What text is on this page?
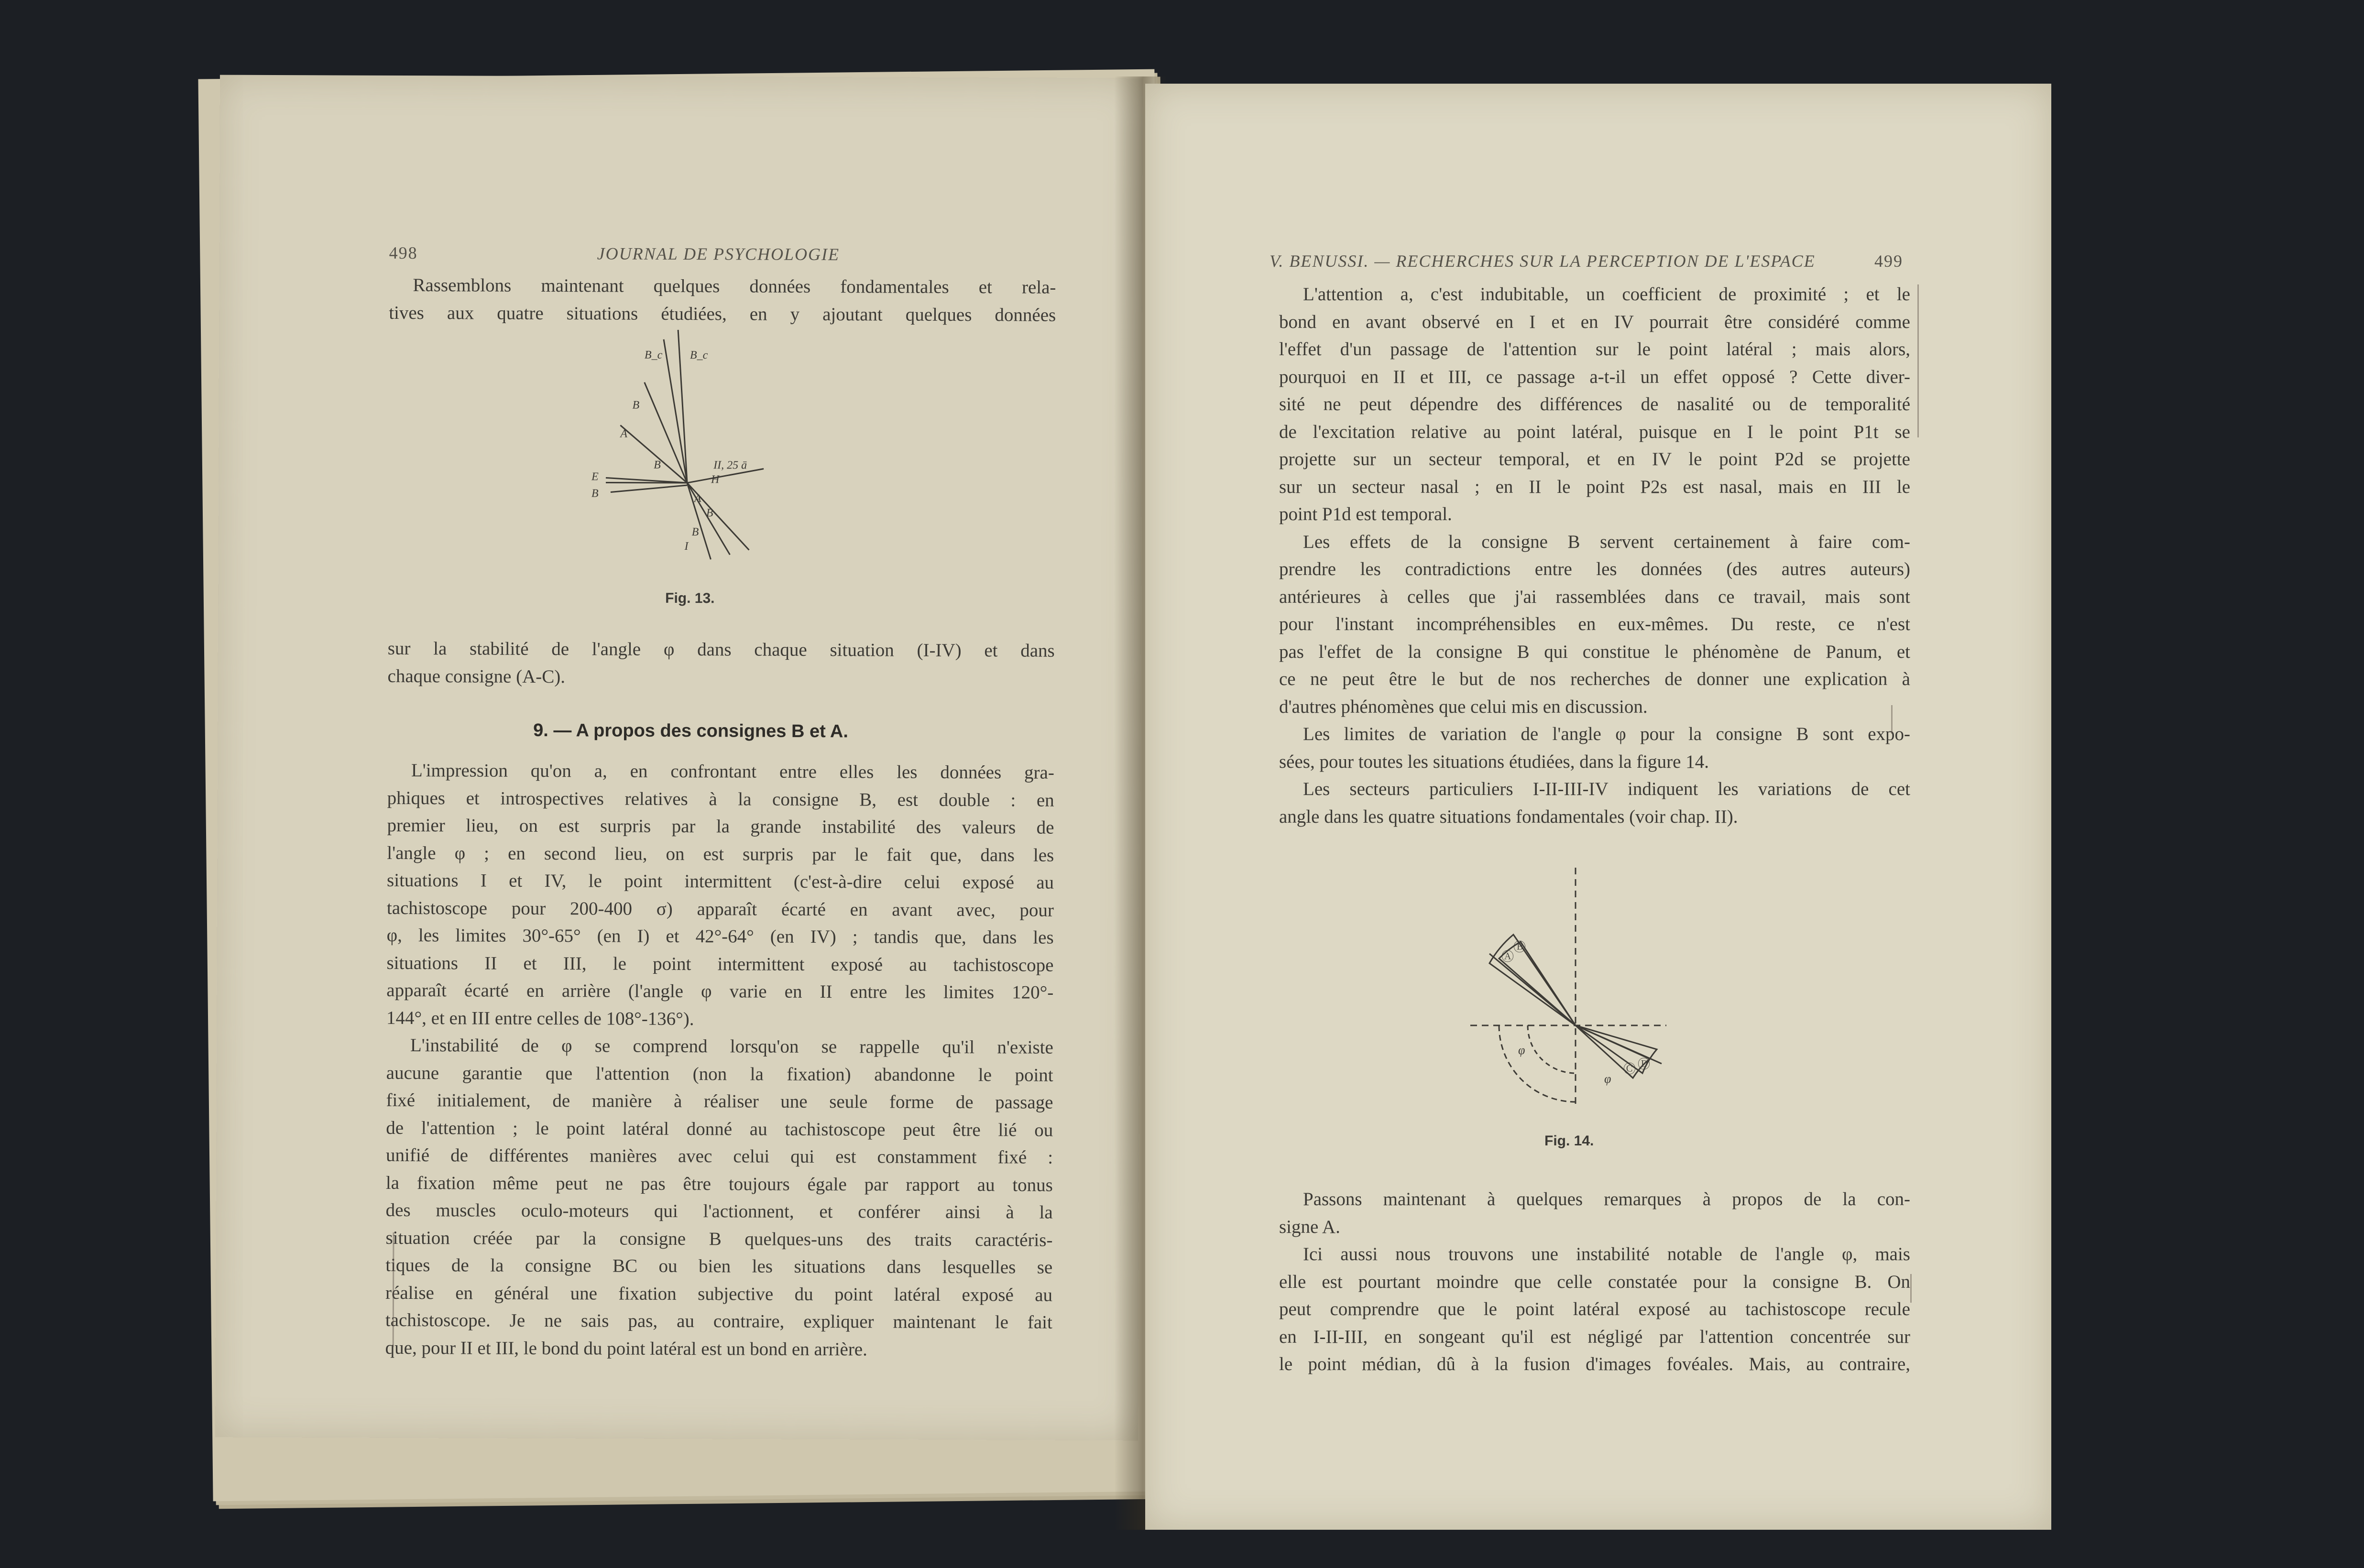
498	JOURNAL DE PSYCHOLOGIE

Rassemblons maintenant quelques données fondamentales et rela-

tives aux quatre situations étudiées, en y ajoutant quelques données

B_c B_c
B
A
E
B
B	II, 25 ā
H
B
A
B
I
Fig. 13.

sur la stabilité de l'angle φ dans chaque situation (I-IV) et dans

chaque consigne (A-C).

9. — A propos des consignes B et A.

L'impression qu'on a, en confrontant entre elles les données gra-

phiques et introspectives relatives à la consigne B, est double : en

premier lieu, on est surpris par la grande instabilité des valeurs de

l'angle φ ; en second lieu, on est surpris par le fait que, dans les

situations I et IV, le point intermittent (c'est-à-dire celui exposé au

tachistoscope pour 200-400 σ) apparaît écarté en avant avec, pour

φ, les limites 30°-65° (en I) et 42°-64° (en IV) ; tandis que, dans les

situations II et III, le point intermittent exposé au tachistoscope

apparaît écarté en arrière (l'angle φ varie en II entre les limites 120°-

144°, et en III entre celles de 108°-136°).

L'instabilité de φ se comprend lorsqu'on se rappelle qu'il n'existe

aucune garantie que l'attention (non la fixation) abandonne le point

fixé initialement, de manière à réaliser une seule forme de passage

de l'attention ; le point latéral donné au tachistoscope peut être lié ou

unifié de différentes manières avec celui qui est constamment fixé :

la fixation même peut ne pas être toujours égale par rapport au tonus

des muscles oculo-moteurs qui l'actionnent, et conférer ainsi à la

situation créée par la consigne B quelques-uns des traits caractéris-

tiques de la consigne BC ou bien les situations dans lesquelles se

réalise en général une fixation subjective du point latéral exposé au

tachistoscope. Je ne sais pas, au contraire, expliquer maintenant le fait

que, pour II et III, le bond du point latéral est un bond en arrière.

V. BENUSSI. — RECHERCHES SUR LA PERCEPTION DE L'ESPACE	499

L'attention a, c'est indubitable, un coefficient de proximité ; et le

bond en avant observé en I et en IV pourrait être considéré comme

l'effet d'un passage de l'attention sur le point latéral ; mais alors,

pourquoi en II et III, ce passage a-t-il un effet opposé ? Cette diver-

sité ne peut dépendre des différences de nasalité ou de temporalité

de l'excitation relative au point latéral, puisque en I le point P1t se

projette sur un secteur temporal, et en IV le point P2d se projette

sur un secteur nasal ; en II le point P2s est nasal, mais en III le

point P1d est temporal.

Les effets de la consigne B servent certainement à faire com-

prendre les contradictions entre les données (des autres auteurs)

antérieures à celles que j'ai rassemblées dans ce travail, mais sont

pour l'instant incompréhensibles en eux-mêmes. Du reste, ce n'est

pas l'effet de la consigne B qui constitue le phénomène de Panum, et

ce ne peut être le but de nos recherches de donner une explication à

d'autres phénomènes que celui mis en discussion.

Les limites de variation de l'angle φ pour la consigne B sont expo-

sées, pour toutes les situations étudiées, dans la figure 14.

Les secteurs particuliers I-II-III-IV indiquent les variations de cet

angle dans les quatre situations fondamentales (voir chap. II).

Ⓐ
Ⓑ
Ⓒ Ⓓ
φ
φ
Fig. 14.

Passons maintenant à quelques remarques à propos de la con-

signe A.

Ici aussi nous trouvons une instabilité notable de l'angle φ, mais

elle est pourtant moindre que celle constatée pour la consigne B. On

peut comprendre que le point latéral exposé au tachistoscope recule

en I-II-III, en songeant qu'il est négligé par l'attention concentrée sur

le point médian, dû à la fusion d'images fovéales. Mais, au contraire,
